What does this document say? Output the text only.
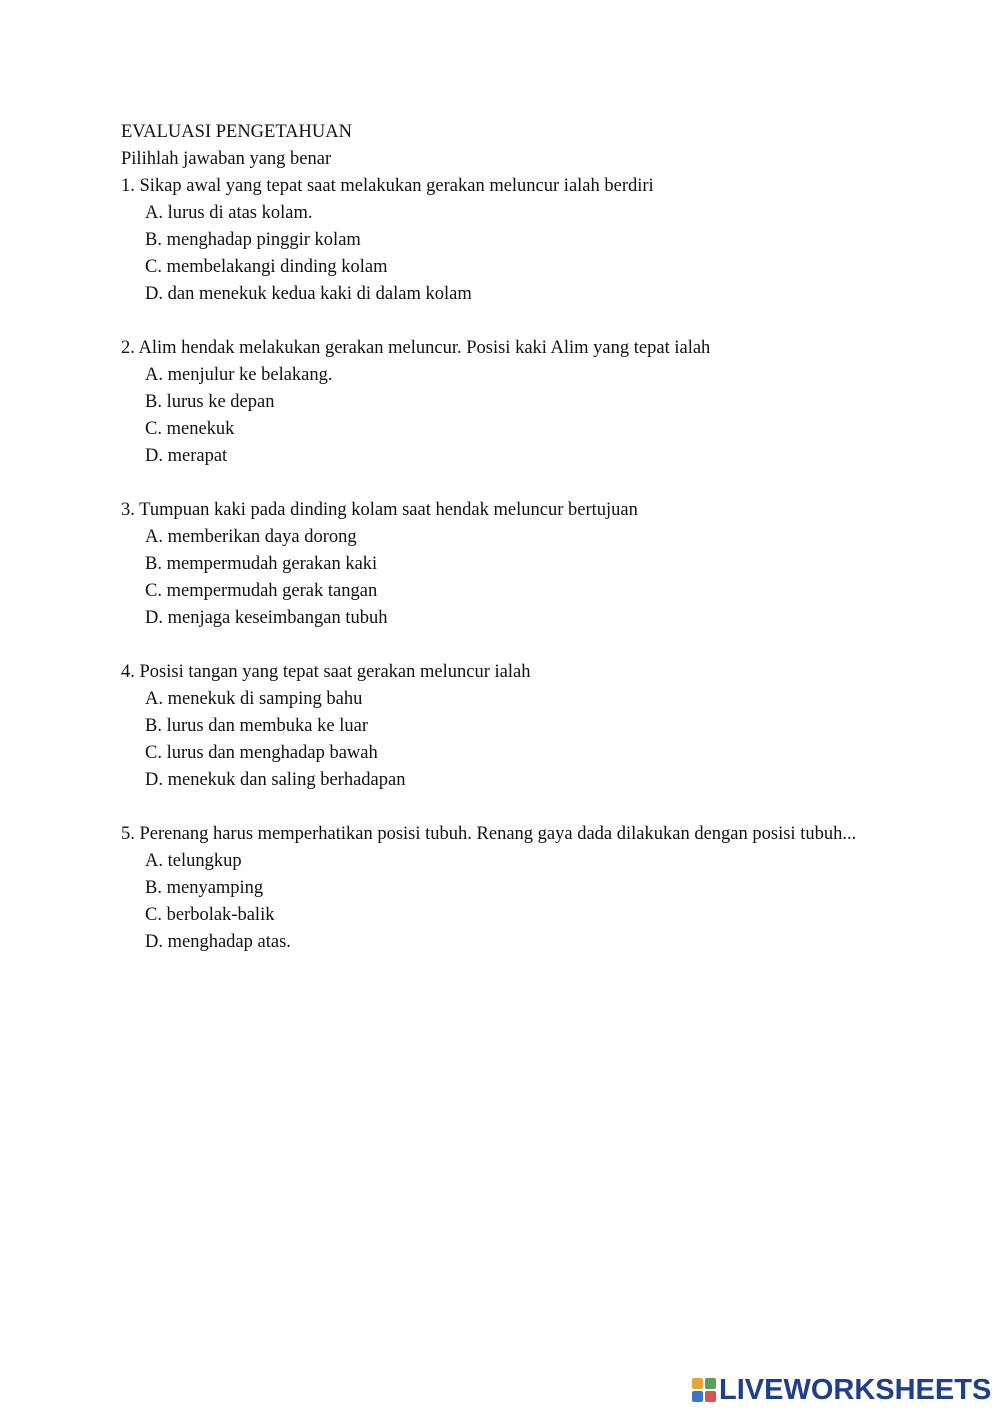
EVALUASI PENGETAHUAN
Pilihlah jawaban yang benar
1. Sikap awal yang tepat saat melakukan gerakan meluncur ialah berdiri
A. lurus di atas kolam.
B. menghadap pinggir kolam
C. membelakangi dinding kolam
D. dan menekuk kedua kaki di dalam kolam
2. Alim hendak melakukan gerakan meluncur. Posisi kaki Alim yang tepat ialah
A. menjulur ke belakang.
B. lurus ke depan
C. menekuk
D. merapat
3. Tumpuan kaki pada dinding kolam saat hendak meluncur bertujuan
A. memberikan daya dorong
B. mempermudah gerakan kaki
C. mempermudah gerak tangan
D. menjaga keseimbangan tubuh
4. Posisi tangan yang tepat saat gerakan meluncur ialah
A. menekuk di samping bahu
B. lurus dan membuka ke luar
C. lurus dan menghadap bawah
D. menekuk dan saling berhadapan
5. Perenang harus memperhatikan posisi tubuh. Renang gaya dada dilakukan dengan posisi tubuh...
A. telungkup
B. menyamping
C. berbolak-balik
D. menghadap atas.
LIVEWORKSHEETS
